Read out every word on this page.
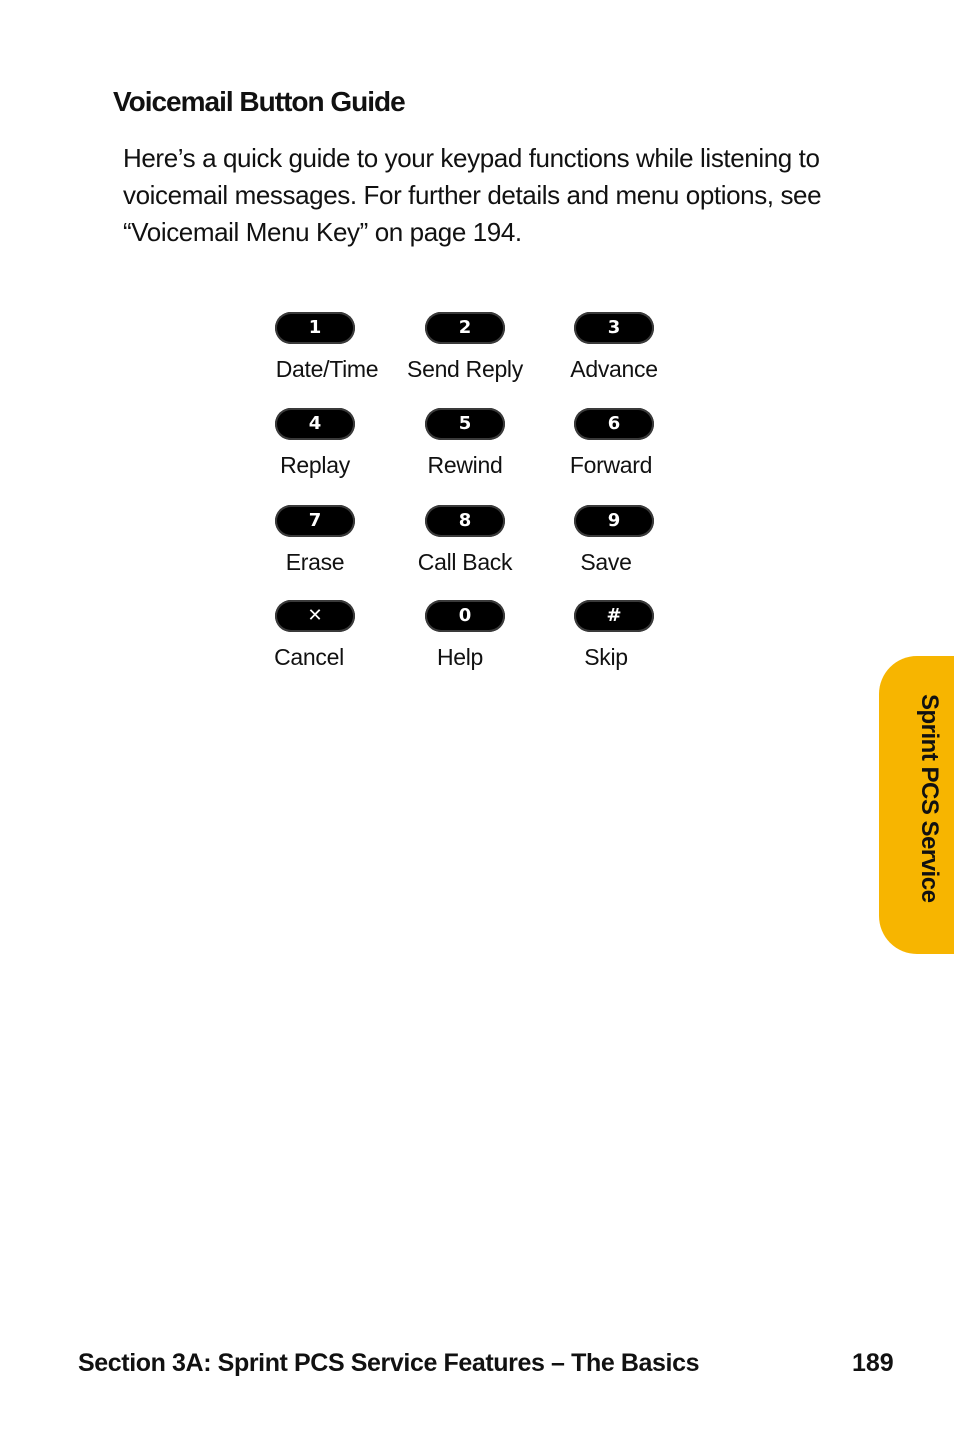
Voicemail Button Guide

Here’s a quick guide to your keypad functions while listening to voicemail messages. For further details and menu options, see “Voicemail Menu Key” on page 194.

1
Date/Time
2
Send Reply
3
Advance
4
Replay
5
Rewind
6
Forward
7
Erase
8
Call Back
9
Save
✕
Cancel
0
Help
#
Skip
Sprint PCS Service
Section 3A: Sprint PCS Service Features – The Basics	189
